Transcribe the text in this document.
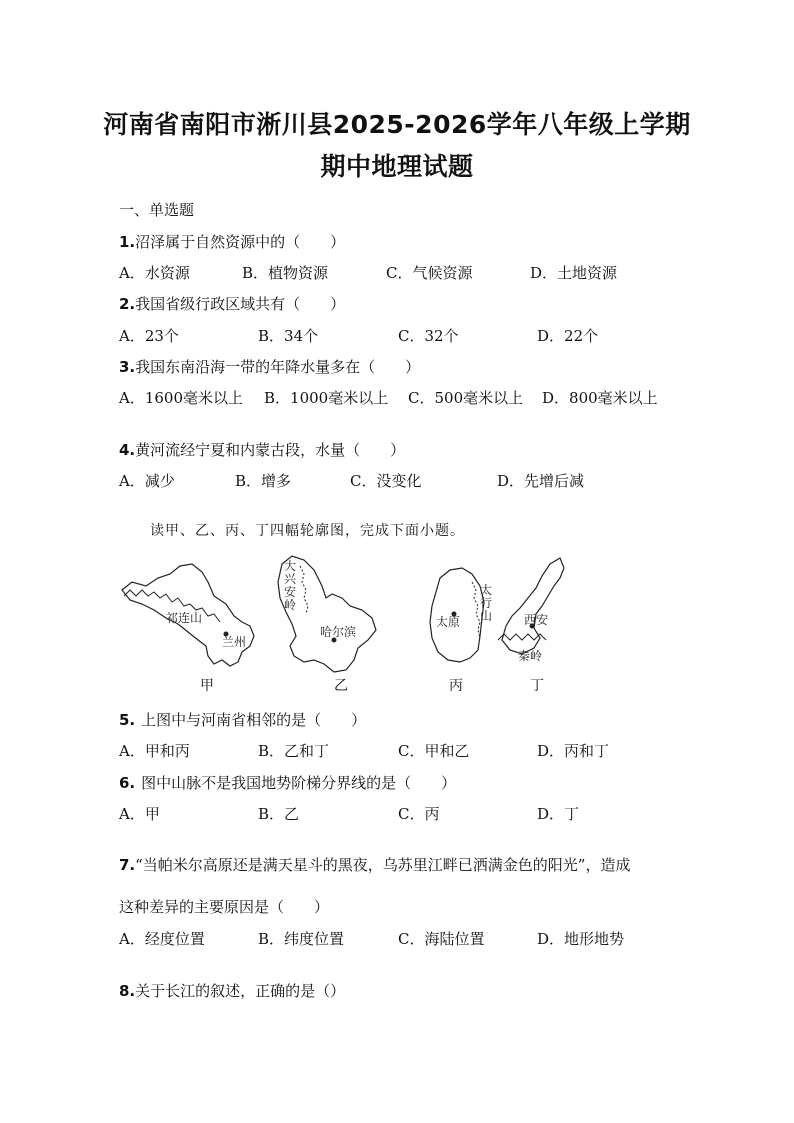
河南省南阳市淅川县2025-2026学年八年级上学期
期中地理试题
一、单选题
1.沼泽属于自然资源中的（　　）
A．水资源	B．植物资源	C．气候资源	D．土地资源
2.我国省级行政区域共有（　　）
A．23个	B．34个	C．32个	D．22个
3.我国东南沿海一带的年降水量多在（　　）
A．1600毫米以上 B．1000毫米以上 C．500毫米以上 D．800毫米以上
4.黄河流经宁夏和内蒙古段，水量（　　）
A．减少	B．增多	C．没变化	D．先增后减
读甲、乙、丙、丁四幅轮廓图，完成下面小题。
祁连山
兰州
大
兴
安
岭
哈尔滨
太
行
山
太原	西安
秦岭
甲	乙	丙	丁
5. 上图中与河南省相邻的是（　　）
A．甲和丙	B．乙和丁	C．甲和乙	D．丙和丁
6. 图中山脉不是我国地势阶梯分界线的是（　　）
A．甲	B．乙	C．丙	D．丁
7.“当帕米尔高原还是满天星斗的黑夜，乌苏里江畔已洒满金色的阳光”，造成
这种差异的主要原因是（　　）
A．经度位置	B．纬度位置	C．海陆位置	D．地形地势
8.关于长江的叙述，正确的是（）
